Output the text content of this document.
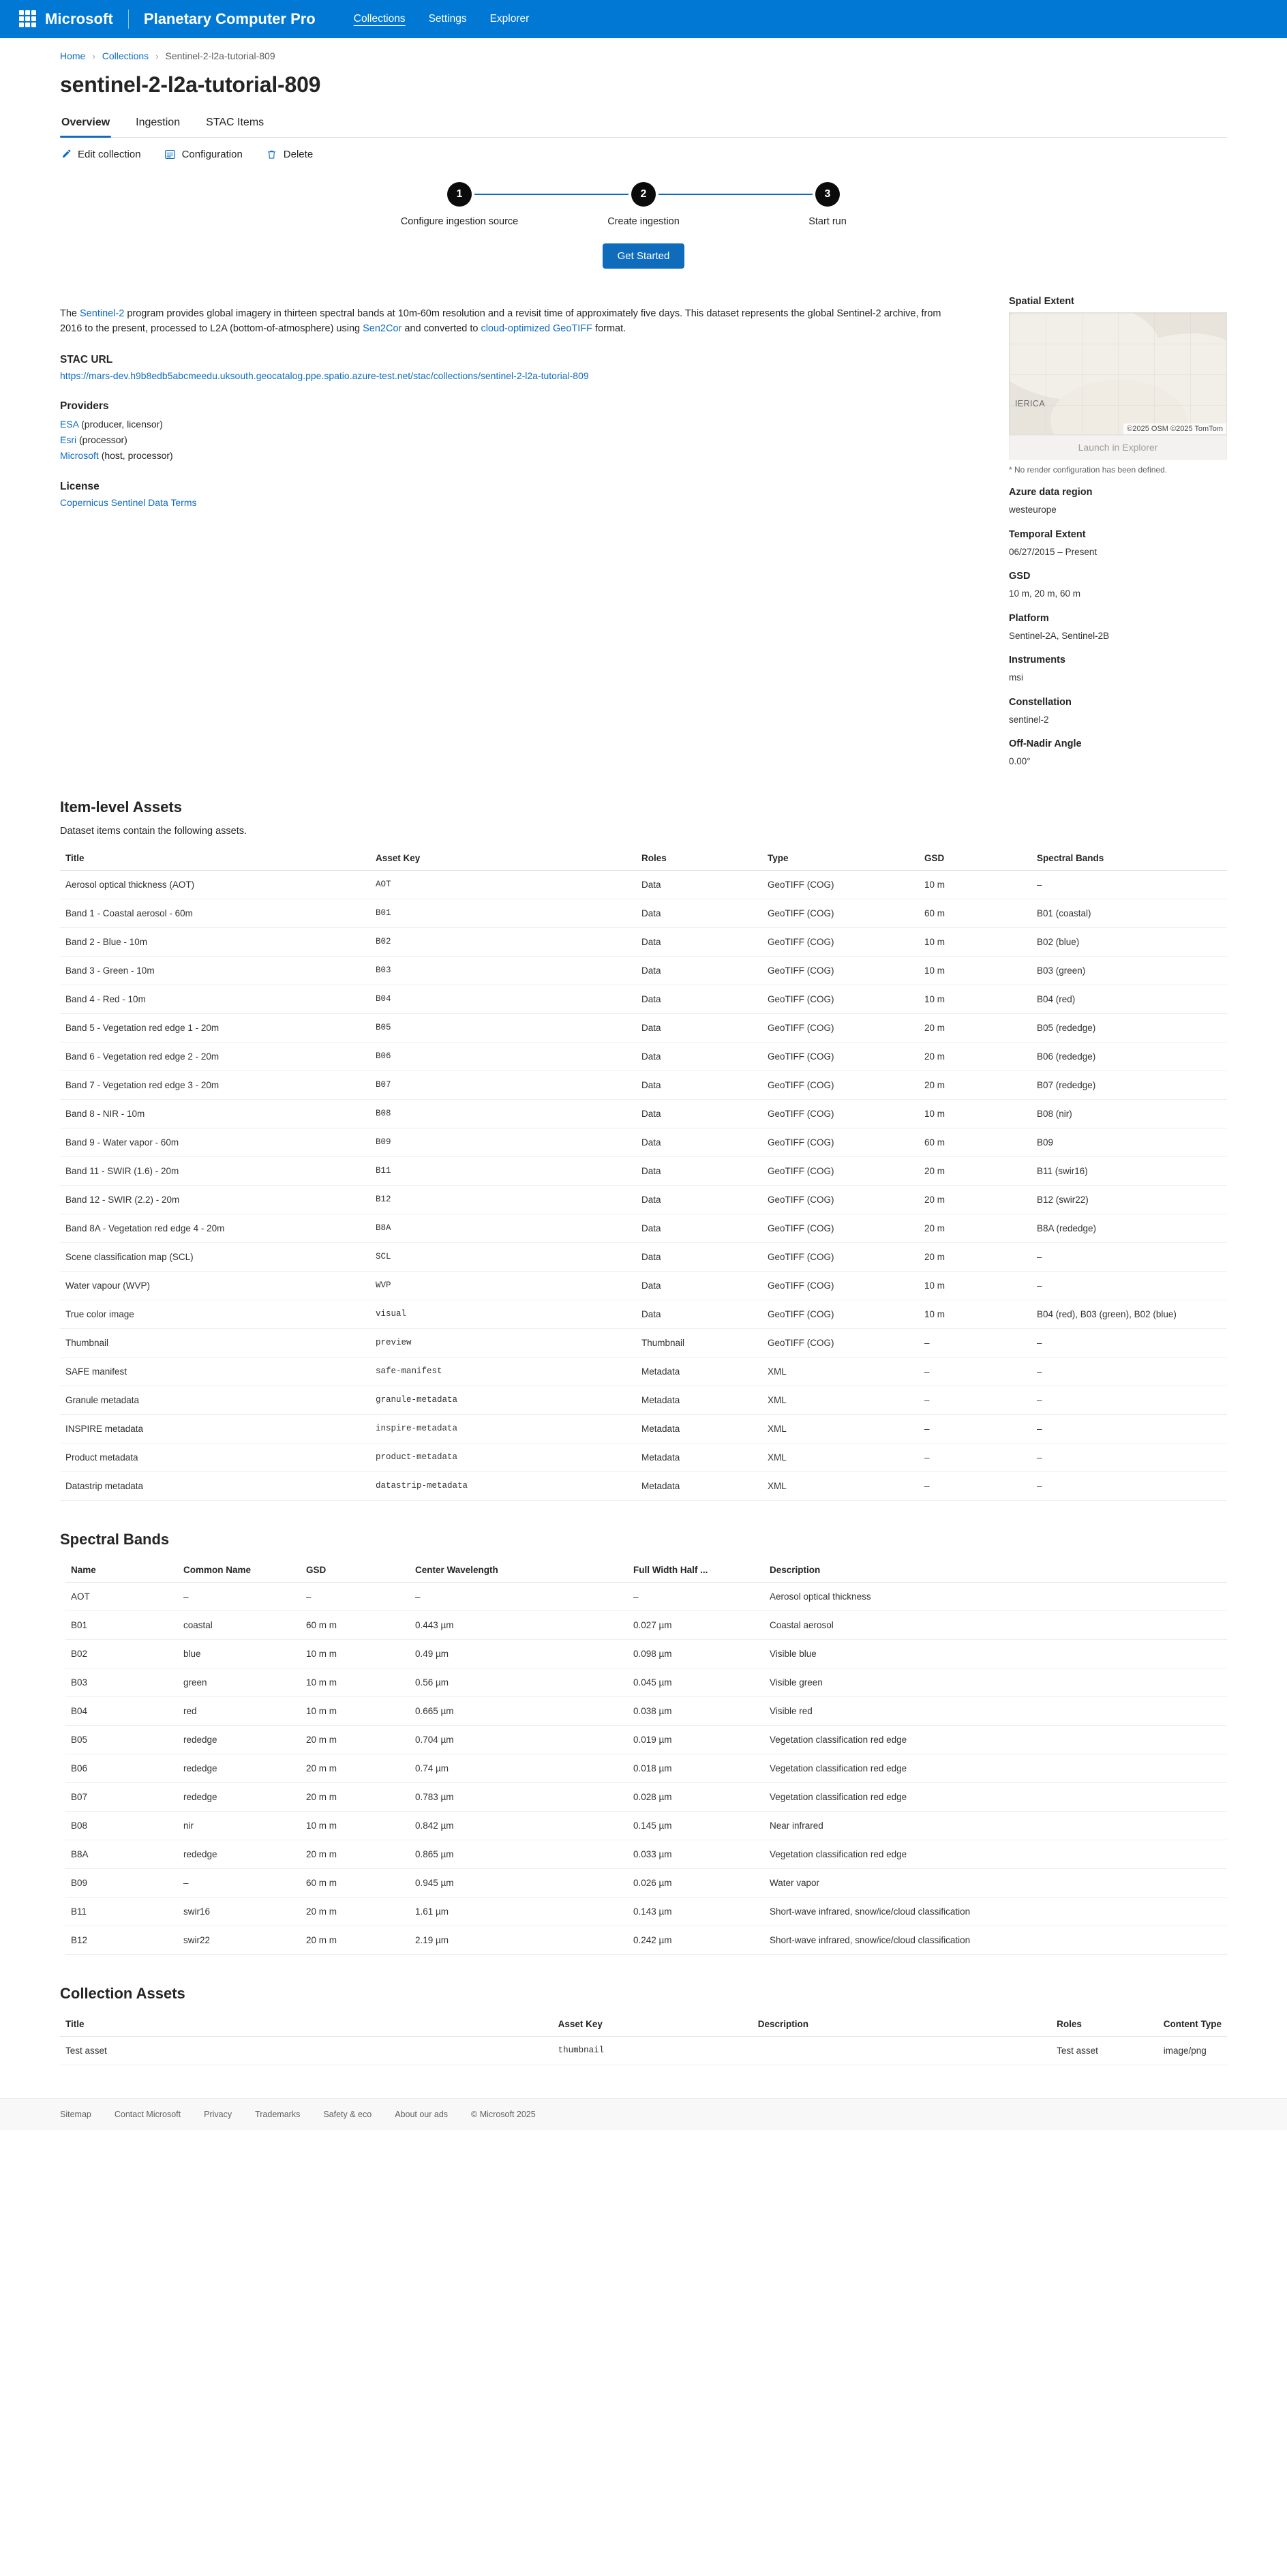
Microsoft Planetary Computer Pro	Collections Settings Explorer
Home › Collections › Sentinel-2-l2a-tutorial-809
sentinel-2-l2a-tutorial-809
Overview Ingestion STAC Items
Edit collection	Configuration	Delete
1
Configure ingestion source
2
Create ingestion
3
Start run
Get Started

The Sentinel-2 program provides global imagery in thirteen spectral bands at 10m-60m resolution and a revisit time of approximately five days. This dataset represents the global Sentinel-2 archive, from 2016 to the present, processed to L2A (bottom-of-atmosphere) using Sen2Cor and converted to cloud-optimized GeoTIFF format.

STAC URL
https://mars-dev.h9b8edb5abcmeedu.uksouth.geocatalog.ppe.spatio.azure-test.net/stac/collections/sentinel-2-l2a-tutorial-809
Providers
ESA (producer, licensor)
Esri (processor)
Microsoft (host, processor)
License
Copernicus Sentinel Data Terms
Spatial Extent
IERICA
©2025 OSM ©2025 TomTom
Launch in Explorer
* No render configuration has been defined.
Azure data region
westeurope
Temporal Extent
06/27/2015 – Present
GSD
10 m, 20 m, 60 m
Platform
Sentinel-2A, Sentinel-2B
Instruments
msi
Constellation
sentinel-2
Off-Nadir Angle
0.00°
Item-level Assets
Dataset items contain the following assets.
Title	Asset Key	Roles	Type	GSD	Spectral Bands
Aerosol optical thickness (AOT)	AOT	Data	GeoTIFF (COG)	10 m	–
Band 1 - Coastal aerosol - 60m	B01	Data	GeoTIFF (COG)	60 m	B01 (coastal)
Band 2 - Blue - 10m	B02	Data	GeoTIFF (COG)	10 m	B02 (blue)
Band 3 - Green - 10m	B03	Data	GeoTIFF (COG)	10 m	B03 (green)
Band 4 - Red - 10m	B04	Data	GeoTIFF (COG)	10 m	B04 (red)
Band 5 - Vegetation red edge 1 - 20m	B05	Data	GeoTIFF (COG)	20 m	B05 (rededge)
Band 6 - Vegetation red edge 2 - 20m	B06	Data	GeoTIFF (COG)	20 m	B06 (rededge)
Band 7 - Vegetation red edge 3 - 20m	B07	Data	GeoTIFF (COG)	20 m	B07 (rededge)
Band 8 - NIR - 10m	B08	Data	GeoTIFF (COG)	10 m	B08 (nir)
Band 9 - Water vapor - 60m	B09	Data	GeoTIFF (COG)	60 m	B09
Band 11 - SWIR (1.6) - 20m	B11	Data	GeoTIFF (COG)	20 m	B11 (swir16)
Band 12 - SWIR (2.2) - 20m	B12	Data	GeoTIFF (COG)	20 m	B12 (swir22)
Band 8A - Vegetation red edge 4 - 20m	B8A	Data	GeoTIFF (COG)	20 m	B8A (rededge)
Scene classification map (SCL)	SCL	Data	GeoTIFF (COG)	20 m	–
Water vapour (WVP)	WVP	Data	GeoTIFF (COG)	10 m	–
True color image	visual	Data	GeoTIFF (COG)	10 m	B04 (red), B03 (green), B02 (blue)
Thumbnail	preview	Thumbnail	GeoTIFF (COG)	–	–
SAFE manifest	safe-manifest	Metadata	XML	–	–
Granule metadata	granule-metadata	Metadata	XML	–	–
INSPIRE metadata	inspire-metadata	Metadata	XML	–	–
Product metadata	product-metadata	Metadata	XML	–	–
Datastrip metadata	datastrip-metadata	Metadata	XML	–	–
Spectral Bands
Name	Common Name	GSD	Center Wavelength	Full Width Half ...	Description
AOT	–	–	–	–	Aerosol optical thickness
B01	coastal	60 m m	0.443 µm	0.027 µm	Coastal aerosol
B02	blue	10 m m	0.49 µm	0.098 µm	Visible blue
B03	green	10 m m	0.56 µm	0.045 µm	Visible green
B04	red	10 m m	0.665 µm	0.038 µm	Visible red
B05	rededge	20 m m	0.704 µm	0.019 µm	Vegetation classification red edge
B06	rededge	20 m m	0.74 µm	0.018 µm	Vegetation classification red edge
B07	rededge	20 m m	0.783 µm	0.028 µm	Vegetation classification red edge
B08	nir	10 m m	0.842 µm	0.145 µm	Near infrared
B8A	rededge	20 m m	0.865 µm	0.033 µm	Vegetation classification red edge
B09	–	60 m m	0.945 µm	0.026 µm	Water vapor
B11	swir16	20 m m	1.61 µm	0.143 µm	Short-wave infrared, snow/ice/cloud classification
B12	swir22	20 m m	2.19 µm	0.242 µm	Short-wave infrared, snow/ice/cloud classification
Collection Assets
Title	Asset Key	Description	Roles	Content Type
Test asset	thumbnail		Test asset	image/png
Sitemap	Contact Microsoft	Privacy	Trademarks	Safety & eco	About our ads	© Microsoft 2025
